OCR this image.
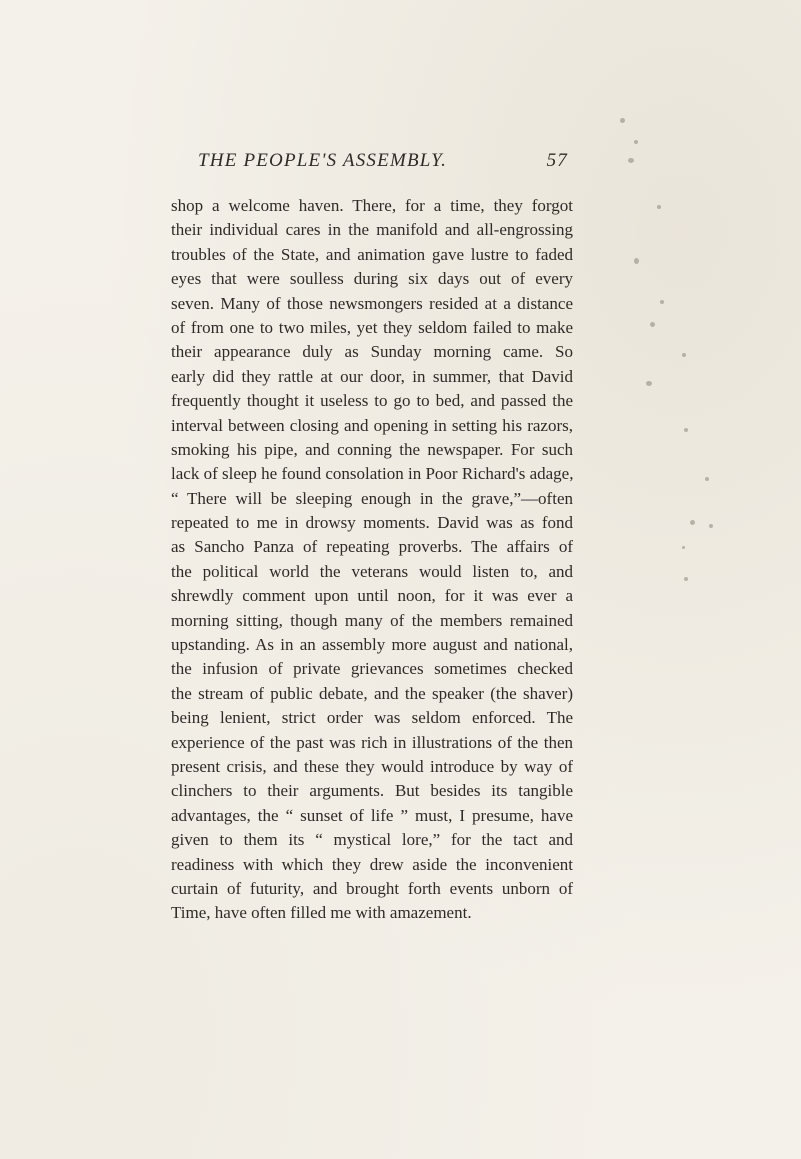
THE PEOPLE'S ASSEMBLY.	57
shop a welcome haven. There, for a time, they forgot
their individual cares in the manifold and all-engrossing
troubles of the State, and animation gave lustre to faded
eyes that were soulless during six days out of every
seven. Many of those newsmongers resided at a distance
of from one to two miles, yet they seldom failed to make
their appearance duly as Sunday morning came. So
early did they rattle at our door, in summer, that David
frequently thought it useless to go to bed, and passed the
interval between closing and opening in setting his razors,
smoking his pipe, and conning the newspaper. For such
lack of sleep he found consolation in Poor Richard's adage,
“ There will be sleeping enough in the grave,”—often
repeated to me in drowsy moments. David was as fond
as Sancho Panza of repeating proverbs. The affairs of
the political world the veterans would listen to, and
shrewdly comment upon until noon, for it was ever a
morning sitting, though many of the members remained
upstanding. As in an assembly more august and national,
the infusion of private grievances sometimes checked
the stream of public debate, and the speaker (the shaver)
being lenient, strict order was seldom enforced. The
experience of the past was rich in illustrations of the then
present crisis, and these they would introduce by way of
clinchers to their arguments. But besides its tangible
advantages, the “ sunset of life ” must, I presume, have
given to them its “ mystical lore,” for the tact and
readiness with which they drew aside the inconvenient
curtain of futurity, and brought forth events unborn of
Time, have often filled me with amazement.
